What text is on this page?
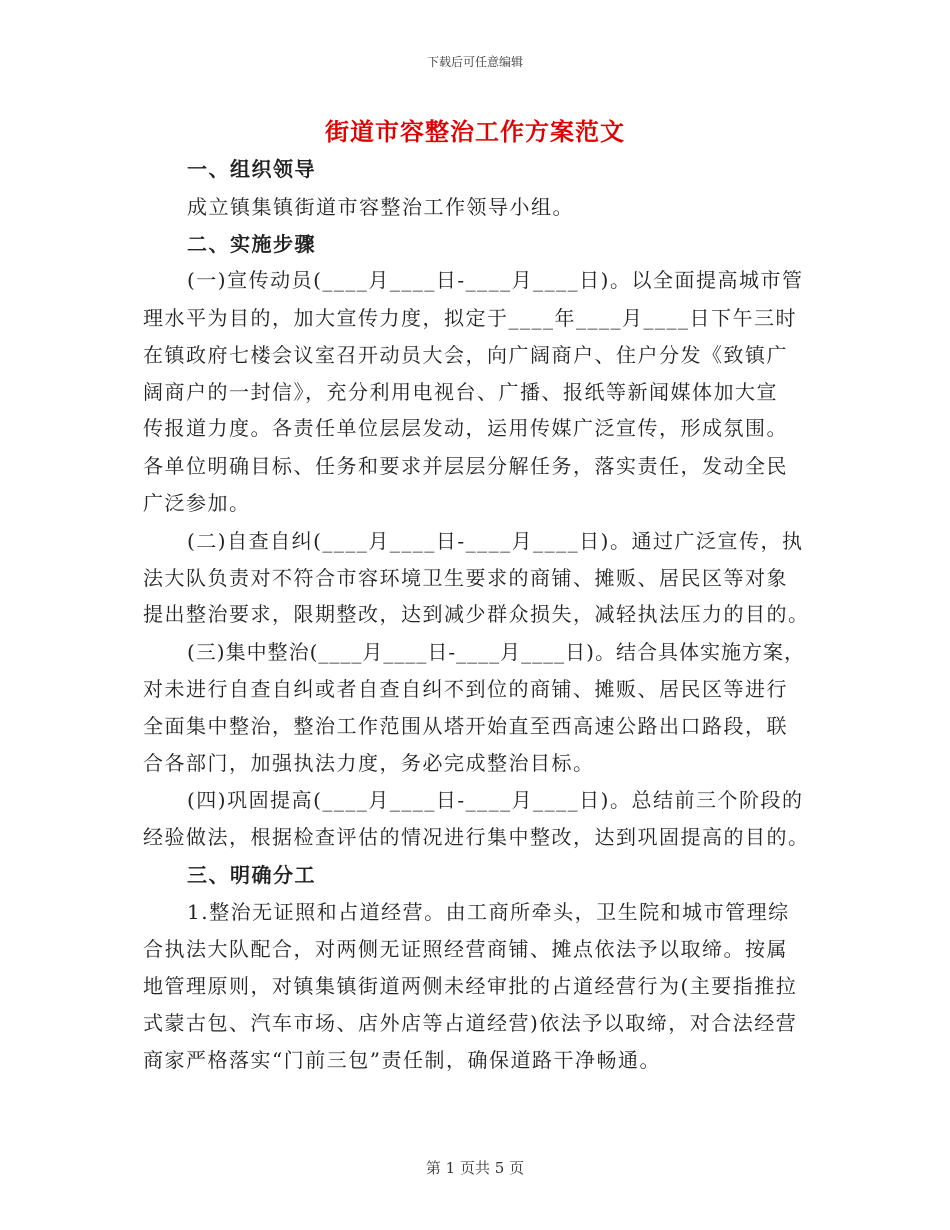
下载后可任意编辑
街道市容整治工作方案范文
一、组织领导
成立镇集镇街道市容整治工作领导小组。
二、实施步骤
(一)宣传动员(____月____日-____月____日)。以全面提高城市管
理水平为目的，加大宣传力度，拟定于____年____月____日下午三时
在镇政府七楼会议室召开动员大会，向广阔商户、住户分发《致镇广
阔商户的一封信》，充分利用电视台、广播、报纸等新闻媒体加大宣
传报道力度。各责任单位层层发动，运用传媒广泛宣传，形成氛围。
各单位明确目标、任务和要求并层层分解任务，落实责任，发动全民
广泛参加。
(二)自查自纠(____月____日-____月____日)。通过广泛宣传，执
法大队负责对不符合市容环境卫生要求的商铺、摊贩、居民区等对象
提出整治要求，限期整改，达到减少群众损失，减轻执法压力的目的。
(三)集中整治(____月____日-____月____日)。结合具体实施方案，
对未进行自查自纠或者自查自纠不到位的商铺、摊贩、居民区等进行
全面集中整治，整治工作范围从塔开始直至西高速公路出口路段，联
合各部门，加强执法力度，务必完成整治目标。
(四)巩固提高(____月____日-____月____日)。总结前三个阶段的
经验做法，根据检查评估的情况进行集中整改，达到巩固提高的目的。
三、明确分工
1.整治无证照和占道经营。由工商所牵头，卫生院和城市管理综
合执法大队配合，对两侧无证照经营商铺、摊点依法予以取缔。按属
地管理原则，对镇集镇街道两侧未经审批的占道经营行为(主要指推拉
式蒙古包、汽车市场、店外店等占道经营)依法予以取缔，对合法经营
商家严格落实“门前三包”责任制，确保道路干净畅通。
第 1 页共 5 页
